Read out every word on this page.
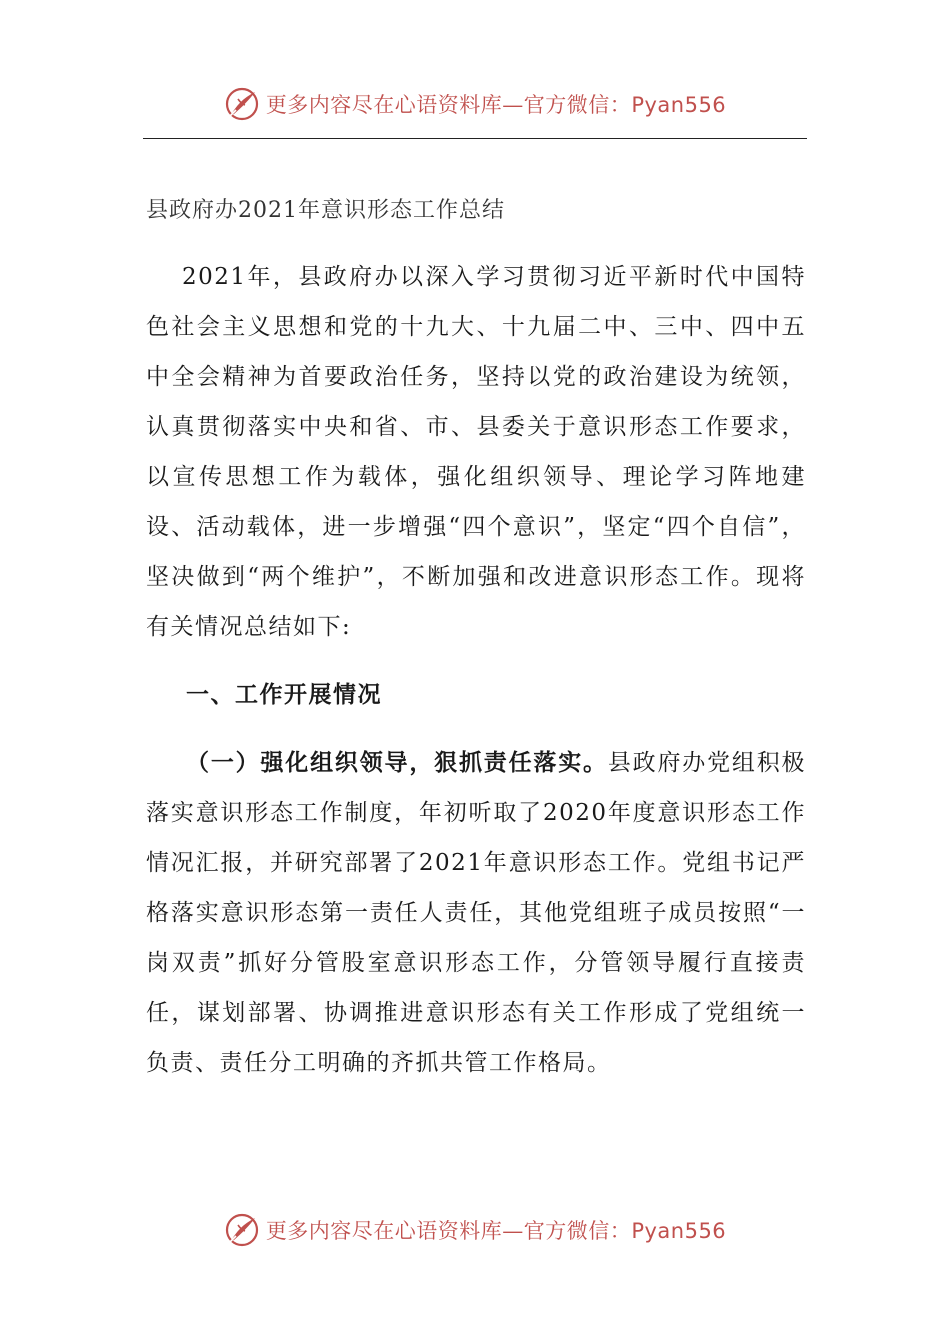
更多内容尽在心语资料库—官方微信：Pyan556
县政府办2021年意识形态工作总结

2021年，县政府办以深入学习贯彻习近平新时代中国特色社会主义思想和党的十九大、十九届二中、三中、四中五中全会精神为首要政治任务，坚持以党的政治建设为统领，认真贯彻落实中央和省、市、县委关于意识形态工作要求，以宣传思想工作为载体，强化组织领导、理论学习阵地建设、活动载体，进一步增强“四个意识”，坚定“四个自信”，坚决做到“两个维护”，不断加强和改进意识形态工作。现将有关情况总结如下:

一、工作开展情况

（一）强化组织领导，狠抓责任落实。县政府办党组积极落实意识形态工作制度，年初听取了2020年度意识形态工作情况汇报，并研究部署了2021年意识形态工作。党组书记严格落实意识形态第一责任人责任，其他党组班子成员按照“一岗双责”抓好分管股室意识形态工作，分管领导履行直接责任，谋划部署、协调推进意识形态有关工作形成了党组统一负责、责任分工明确的齐抓共管工作格局。

更多内容尽在心语资料库—官方微信：Pyan556
